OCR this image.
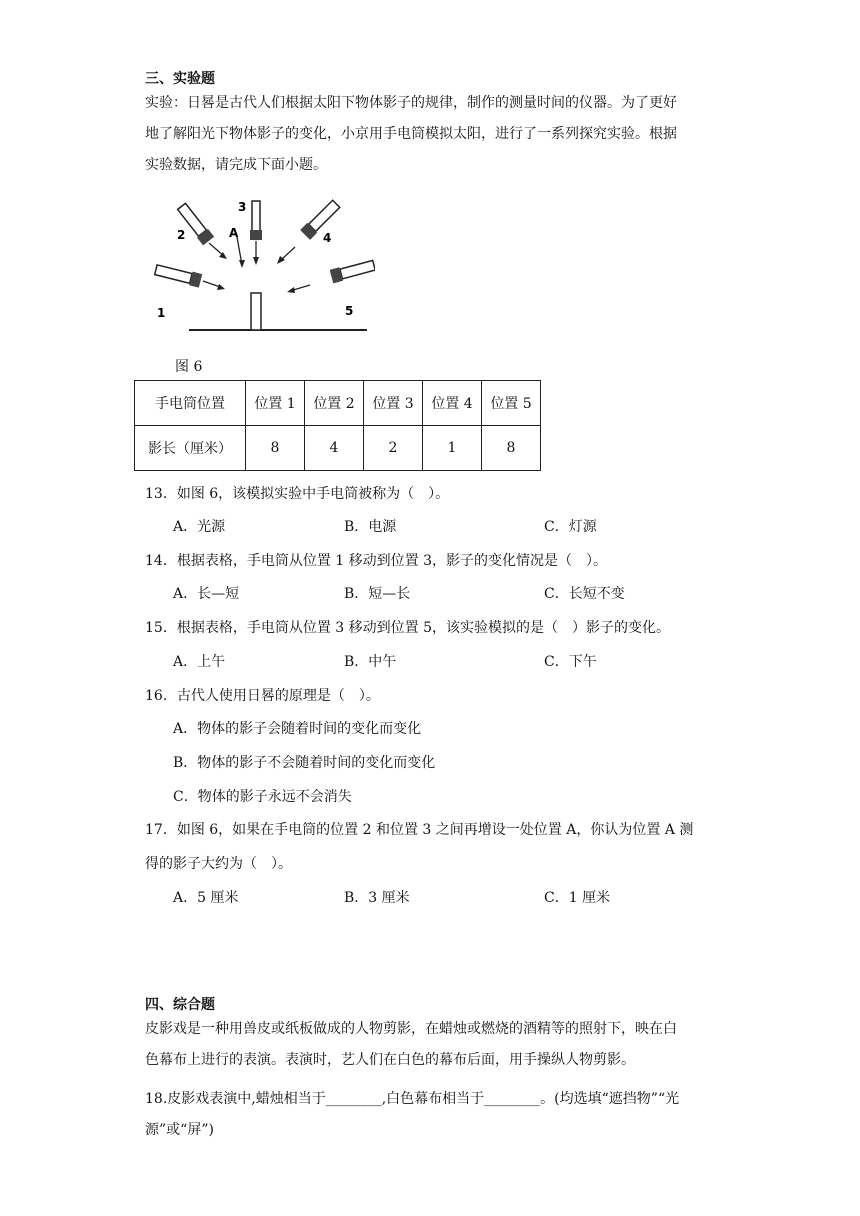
三、实验题
实验：日晷是古代人们根据太阳下物体影子的规律，制作的测量时间的仪器。为了更好
地了解阳光下物体影子的变化，小京用手电筒模拟太阳，进行了一系列探究实验。根据
实验数据，请完成下面小题。
1
2
3
4
5
A
图 6
手电筒位置	位置 1	位置 2	位置 3	位置 4	位置 5
影长（厘米）	8	4	2	1	8
13．如图 6，该模拟实验中手电筒被称为（　）。
A．光源	B．电源	C．灯源
14．根据表格，手电筒从位置 1 移动到位置 3，影子的变化情况是（　）。
A．长—短	B．短—长	C．长短不变
15．根据表格，手电筒从位置 3 移动到位置 5，该实验模拟的是（　）影子的变化。
A．上午	B．中午	C．下午
16．古代人使用日晷的原理是（　）。
A．物体的影子会随着时间的变化而变化
B．物体的影子不会随着时间的变化而变化
C．物体的影子永远不会消失
17．如图 6，如果在手电筒的位置 2 和位置 3 之间再增设一处位置 A，你认为位置 A 测
得的影子大约为（　）。
A．5 厘米	B．3 厘米	C．1 厘米
四、综合题
皮影戏是一种用兽皮或纸板做成的人物剪影，在蜡烛或燃烧的酒精等的照射下，映在白
色幕布上进行的表演。表演时，艺人们在白色的幕布后面，用手操纵人物剪影。
18.皮影戏表演中,蜡烛相当于________,白色幕布相当于________。(均选填“遮挡物”“光
源”或“屏”)
